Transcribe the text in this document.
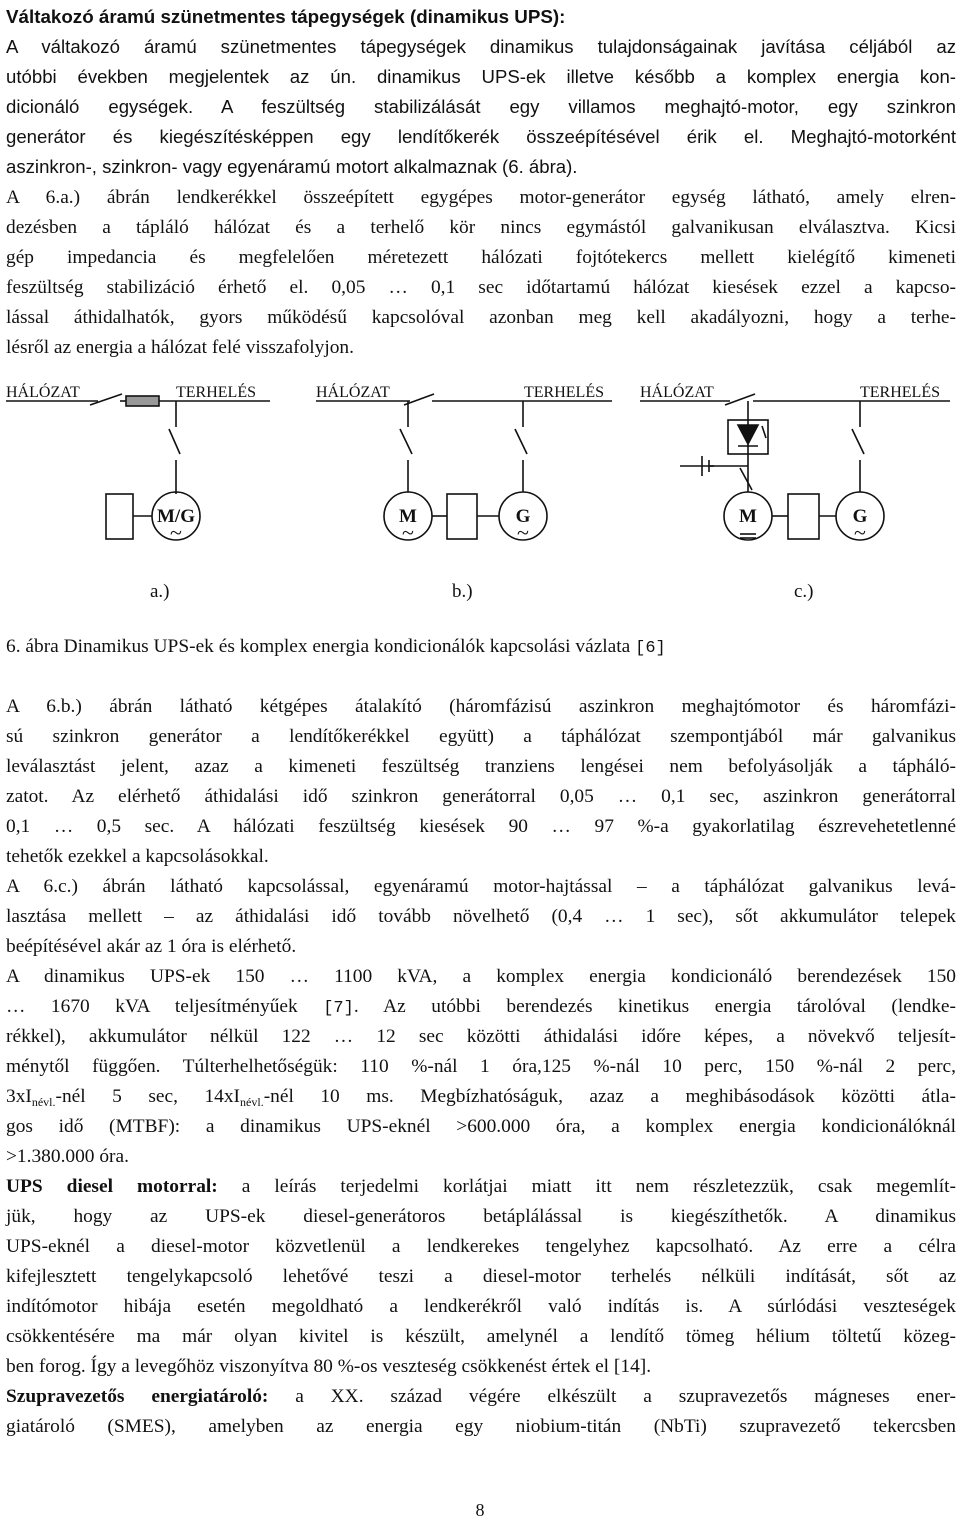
Váltakozó áramú szünetmentes tápegységek (dinamikus UPS):
A váltakozó áramú szünetmentes tápegységek dinamikus tulajdonságainak javítása céljából az
utóbbi években megjelentek az ún. dinamikus UPS-ek illetve később a komplex energia kon-
dicionáló egységek. A feszültség stabilizálását egy villamos meghajtó-motor, egy szinkron
generátor és kiegészítésképpen egy lendítőkerék összeépítésével érik el. Meghajtó-motorként
aszinkron-, szinkron- vagy egyenáramú motort alkalmaznak (6. ábra).
A 6.a.) ábrán lendkerékkel összeépített egygépes motor-generátor egység látható, amely elren-
dezésben a tápláló hálózat és a terhelő kör nincs egymástól galvanikusan elválasztva. Kicsi
gép impedancia és megfelelően méretezett hálózati fojtótekercs mellett kielégítő kimeneti
feszültség stabilizáció érhető el. 0,05 … 0,1 sec időtartamú hálózat kiesések ezzel a kapcso-
lással áthidalhatók, gyors működésű kapcsolóval azonban meg kell akadályozni, hogy a terhe-
lésről az energia a hálózat felé visszafolyjon.
HÁLÓZAT	TERHELÉS	HÁLÓZAT	TERHELÉS HÁLÓZAT	TERHELÉS
M/G	M	G	M	G
~	~	~	~
a.)	b.)	c.)
6. ábra Dinamikus UPS-ek és komplex energia kondicionálók kapcsolási vázlata [6]
A 6.b.) ábrán látható kétgépes átalakító (háromfázisú aszinkron meghajtómotor és háromfázi-
sú szinkron generátor a lendítőkerékkel együtt) a táphálózat szempontjából már galvanikus
leválasztást jelent, azaz a kimeneti feszültség tranziens lengései nem befolyásolják a tápháló-
zatot. Az elérhető áthidalási idő szinkron generátorral 0,05 … 0,1 sec, aszinkron generátorral
0,1 … 0,5 sec. A hálózati feszültség kiesések 90 … 97 %-a gyakorlatilag észrevehetetlenné
tehetők ezekkel a kapcsolásokkal.
A 6.c.) ábrán látható kapcsolással, egyenáramú motor-hajtással – a táphálózat galvanikus levá-
lasztása mellett – az áthidalási idő tovább növelhető (0,4 … 1 sec), sőt akkumulátor telepek
beépítésével akár az 1 óra is elérhető.
A dinamikus UPS-ek 150 … 1100 kVA, a komplex energia kondicionáló berendezések 150
… 1670 kVA teljesítményűek [7]. Az utóbbi berendezés kinetikus energia tárolóval (lendke-
rékkel), akkumulátor nélkül 122 … 12 sec közötti áthidalási időre képes, a növekvő teljesít-
ménytől függően. Túlterhelhetőségük: 110 %-nál 1 óra,125 %-nál 10 perc, 150 %-nál 2 perc,
$3xI_{névl.}$-nél 5 sec, $14xI_{névl.}$-nél 10 ms. Megbízhatóságuk, azaz a meghibásodások közötti átla-
gos idő (MTBF): a dinamikus UPS-eknél >600.000 óra, a komplex energia kondicionálóknál
>1.380.000 óra.
UPS diesel motorral: a leírás terjedelmi korlátjai miatt itt nem részletezzük, csak megemlít-
jük, hogy az UPS-ek diesel-generátoros betáplálással is kiegészíthetők. A dinamikus
UPS-eknél a diesel-motor közvetlenül a lendkerekes tengelyhez kapcsolható. Az erre a célra
kifejlesztett tengelykapcsoló lehetővé teszi a diesel-motor terhelés nélküli indítását, sőt az
indítómotor hibája esetén megoldható a lendkerékről való indítás is. A súrlódási veszteségek
csökkentésére ma már olyan kivitel is készült, amelynél a lendítő tömeg hélium töltetű közeg-
ben forog. Így a levegőhöz viszonyítva 80 %-os veszteség csökkenést értek el [14].
Szupravezetős energiatároló: a XX. század végére elkészült a szupravezetős mágneses ener-
giatároló (SMES), amelyben az energia egy niobium-titán (NbTi) szupravezető tekercsben
8
